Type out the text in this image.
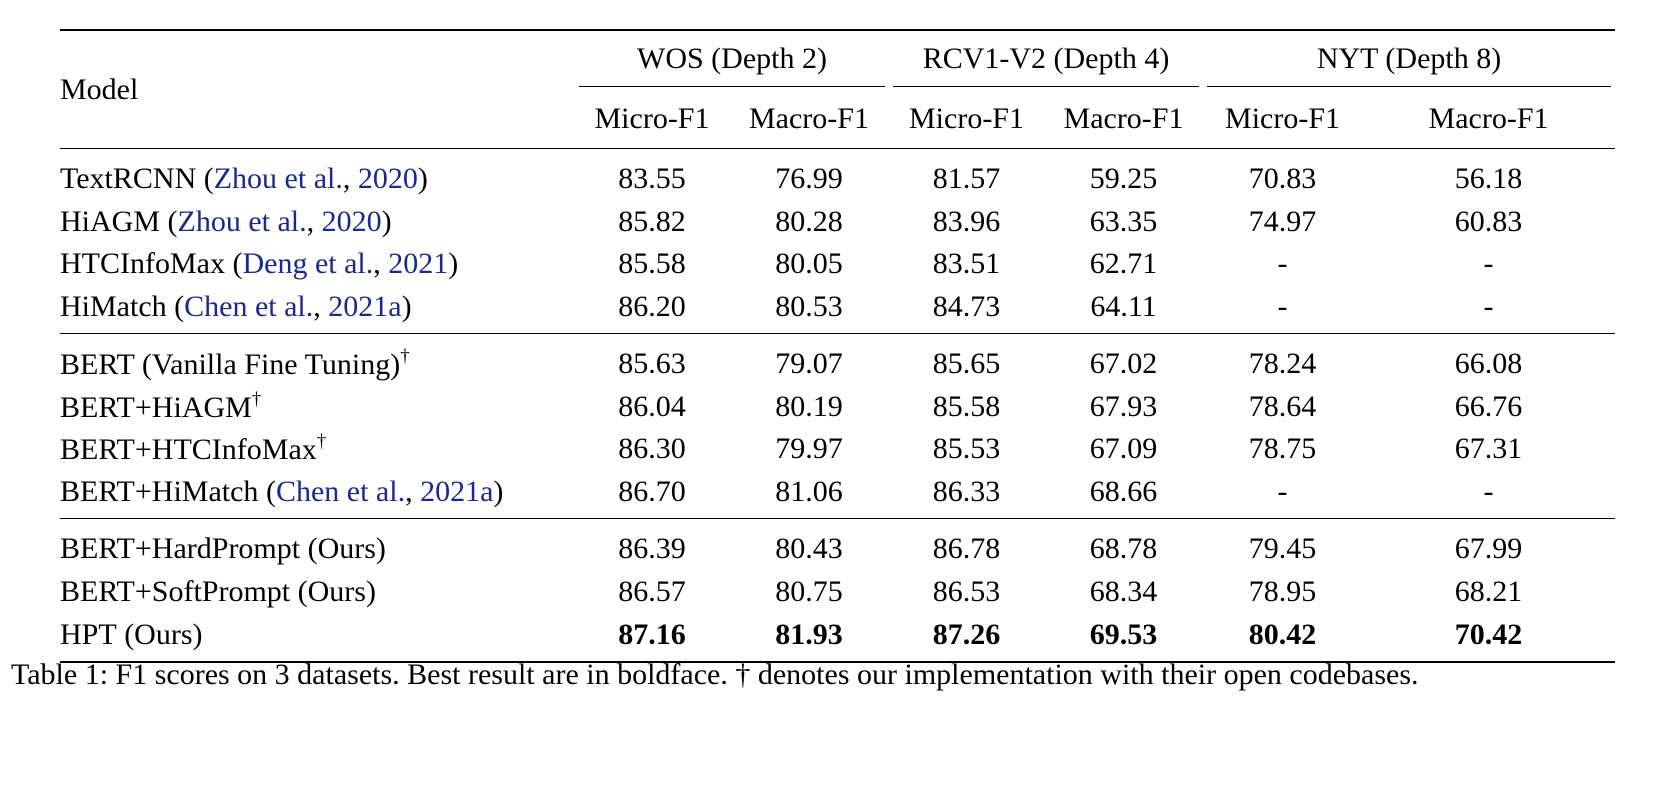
Model	WOS (Depth 2)		RCV1-V2 (Depth 4)		NYT (Depth 8)	

	Micro-F1	Macro-F1	Micro-F1	Macro-F1	Micro-F1	Macro-F1
TextRCNN (Zhou et al., 2020)	83.55	76.99	81.57	59.25	70.83	56.18
HiAGM (Zhou et al., 2020)	85.82	80.28	83.96	63.35	74.97	60.83
HTCInfoMax (Deng et al., 2021)	85.58	80.05	83.51	62.71	-	-
HiMatch (Chen et al., 2021a)	86.20	80.53	84.73	64.11	-	-
BERT (Vanilla Fine Tuning)†	85.63	79.07	85.65	67.02	78.24	66.08
BERT+HiAGM†	86.04	80.19	85.58	67.93	78.64	66.76
BERT+HTCInfoMax†	86.30	79.97	85.53	67.09	78.75	67.31
BERT+HiMatch (Chen et al., 2021a)	86.70	81.06	86.33	68.66	-	-
BERT+HardPrompt (Ours)	86.39	80.43	86.78	68.78	79.45	67.99
BERT+SoftPrompt (Ours)	86.57	80.75	86.53	68.34	78.95	68.21
HPT (Ours)	87.16	81.93	87.26	69.53	80.42	70.42
Table 1: F1 scores on 3 datasets. Best result are in boldface. † denotes our implementation with their open codebases.
